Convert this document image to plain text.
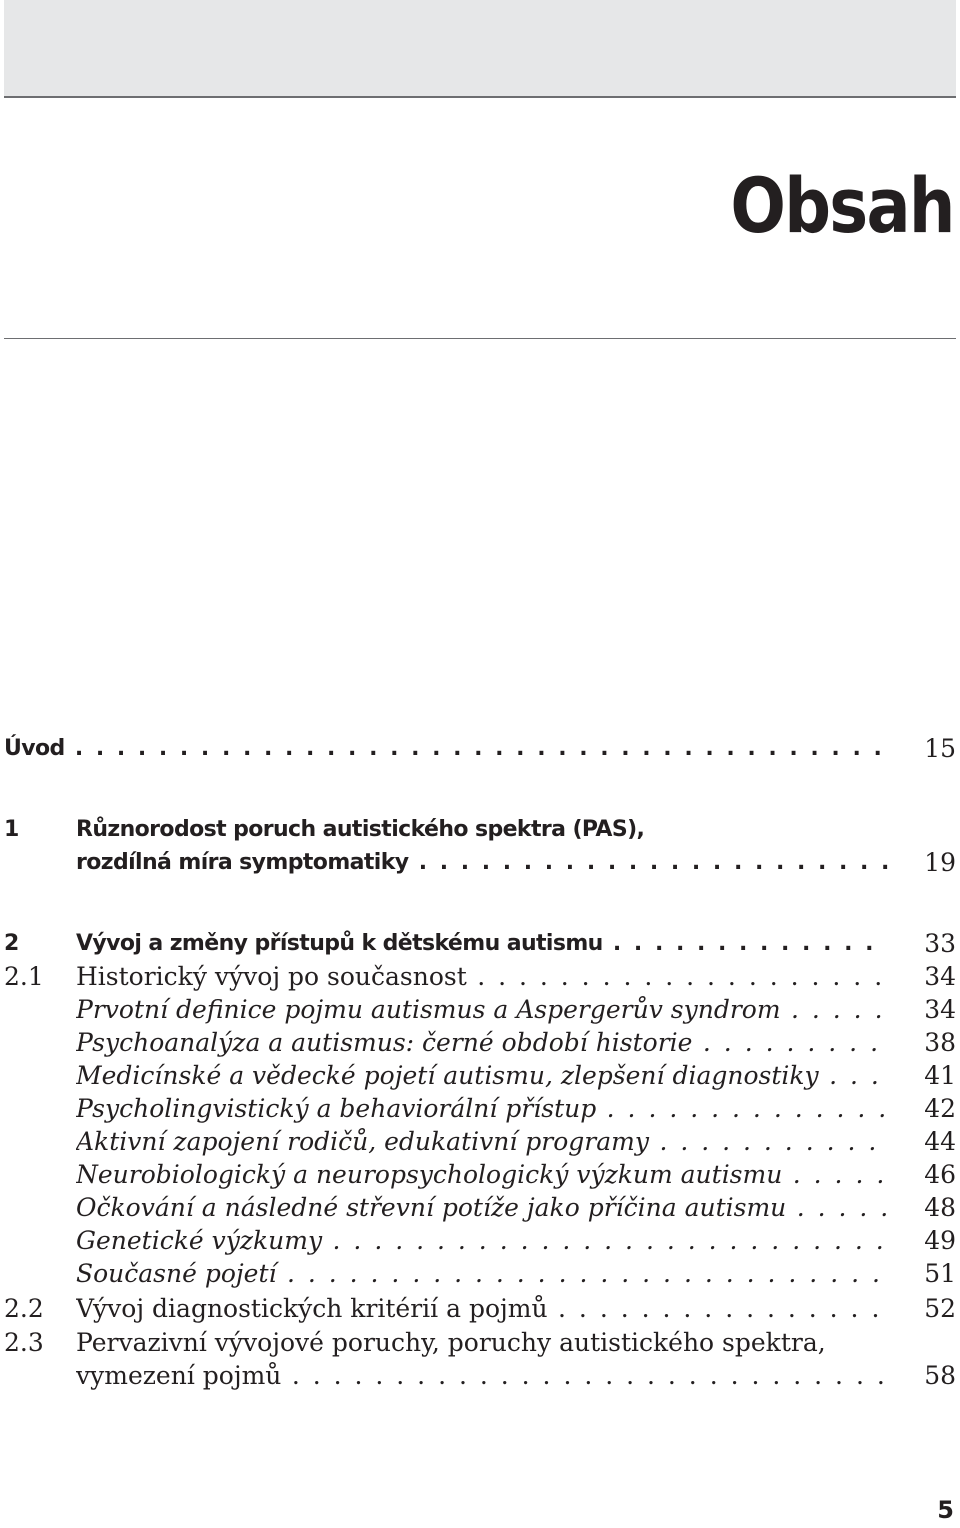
Obsah
Úvod . . .	15
1	Různorodost poruch autistického spektra (PAS),
rozdílná míra symptomatiky . . .	19
2	Vývoj a změny přístupů k dětskému autismu . . .	33
2.1 Historický vývoj po současnost . . .	34
Prvotní definice pojmu autismus a Aspergerův syndrom . . .	34
Psychoanalýza a autismus: černé období historie . . .	38
Medicínské a vědecké pojetí autismu, zlepšení diagnostiky . . .	41
Psycholingvistický a behaviorální přístup . . .	42
Aktivní zapojení rodičů, edukativní programy . . .	44
Neurobiologický a neuropsychologický výzkum autismu . . .	46
Očkování a následné střevní potíže jako příčina autismu . . .	48
Genetické výzkumy . . .	49
Současné pojetí . . .	51
2.2 Vývoj diagnostických kritérií a pojmů . . .	52
2.3 Pervazivní vývojové poruchy, poruchy autistického spektra,
vymezení pojmů . . .	58
5
